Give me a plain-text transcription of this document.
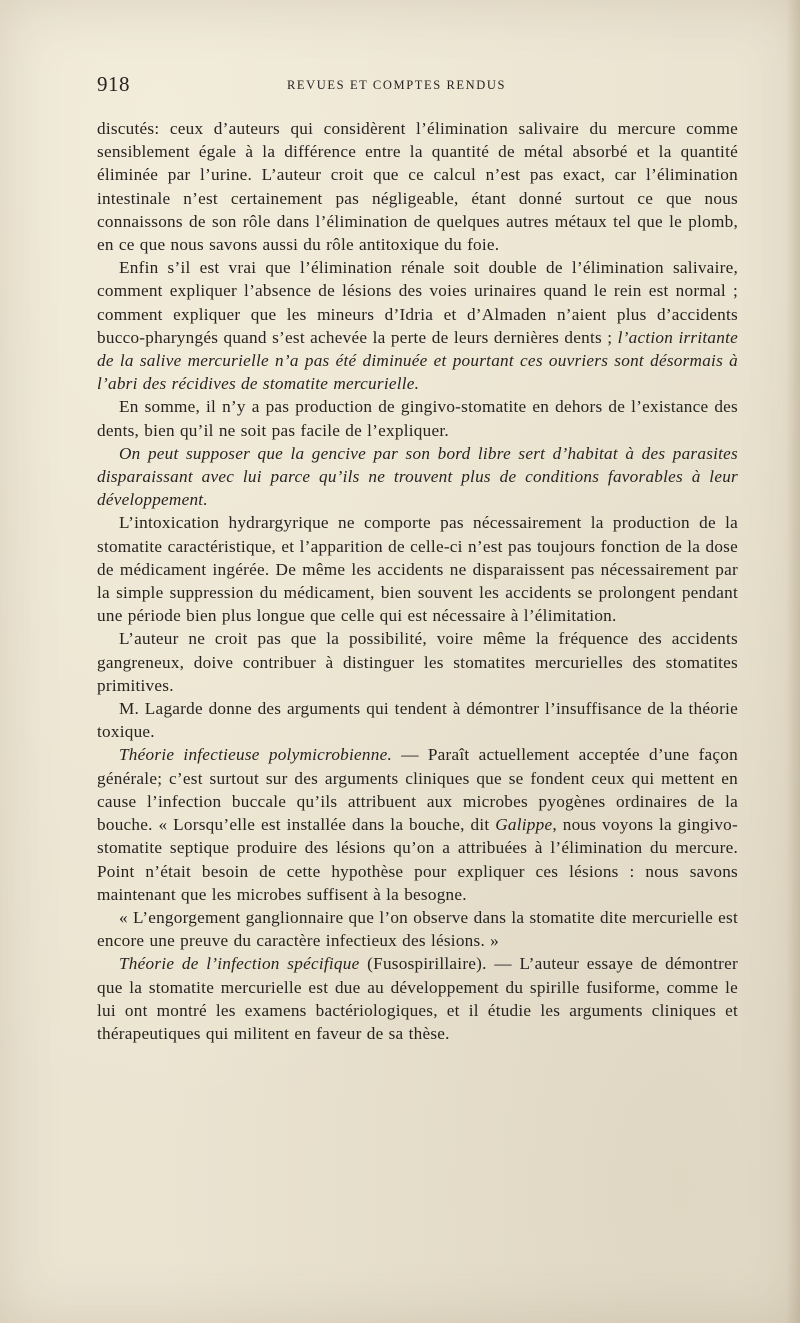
918	REVUES ET COMPTES RENDUS

discutés: ceux d’auteurs qui considèrent l’élimination salivaire du mercure comme sensiblement égale à la différence entre la quantité de métal absorbé et la quantité éliminée par l’urine. L’auteur croit que ce calcul n’est pas exact, car l’élimination intestinale n’est certainement pas négligeable, étant donné surtout ce que nous connaissons de son rôle dans l’élimination de quelques autres métaux tel que le plomb, en ce que nous savons aussi du rôle antitoxique du foie.

Enfin s’il est vrai que l’élimination rénale soit double de l’élimination salivaire, comment expliquer l’absence de lésions des voies urinaires quand le rein est normal ; comment expliquer que les mineurs d’Idria et d’Almaden n’aient plus d’accidents bucco-pharyngés quand s’est achevée la perte de leurs dernières dents ; l’action irritante de la salive mercurielle n’a pas été diminuée et pourtant ces ouvriers sont désormais à l’abri des récidives de stomatite mercurielle.

En somme, il n’y a pas production de gingivo-stomatite en dehors de l’existance des dents, bien qu’il ne soit pas facile de l’expliquer.

On peut supposer que la gencive par son bord libre sert d’habitat à des parasites disparaissant avec lui parce qu’ils ne trouvent plus de conditions favorables à leur développement.

L’intoxication hydrargyrique ne comporte pas nécessairement la production de la stomatite caractéristique, et l’apparition de celle-ci n’est pas toujours fonction de la dose de médicament ingérée. De même les accidents ne disparaissent pas nécessairement par la simple suppression du médicament, bien souvent les accidents se prolongent pendant une période bien plus longue que celle qui est nécessaire à l’élimitation.

L’auteur ne croit pas que la possibilité, voire même la fréquence des accidents gangreneux, doive contribuer à distinguer les stomatites mercurielles des stomatites primitives.

M. Lagarde donne des arguments qui tendent à démontrer l’insuffisance de la théorie toxique.

Théorie infectieuse polymicrobienne. — Paraît actuellement acceptée d’une façon générale; c’est surtout sur des arguments cliniques que se fondent ceux qui mettent en cause l’infection buccale qu’ils attribuent aux microbes pyogènes ordinaires de la bouche. « Lorsqu’elle est installée dans la bouche, dit Galippe, nous voyons la gingivo-stomatite septique produire des lésions qu’on a attribuées à l’élimination du mercure. Point n’était besoin de cette hypothèse pour expliquer ces lésions : nous savons maintenant que les microbes suffisent à la besogne.

« L’engorgement ganglionnaire que l’on observe dans la stomatite dite mercurielle est encore une preuve du caractère infectieux des lésions. »

Théorie de l’infection spécifique (Fusospirillaire). — L’auteur essaye de démontrer que la stomatite mercurielle est due au développement du spirille fusiforme, comme le lui ont montré les examens bactériologiques, et il étudie les arguments cliniques et thérapeutiques qui militent en faveur de sa thèse.
